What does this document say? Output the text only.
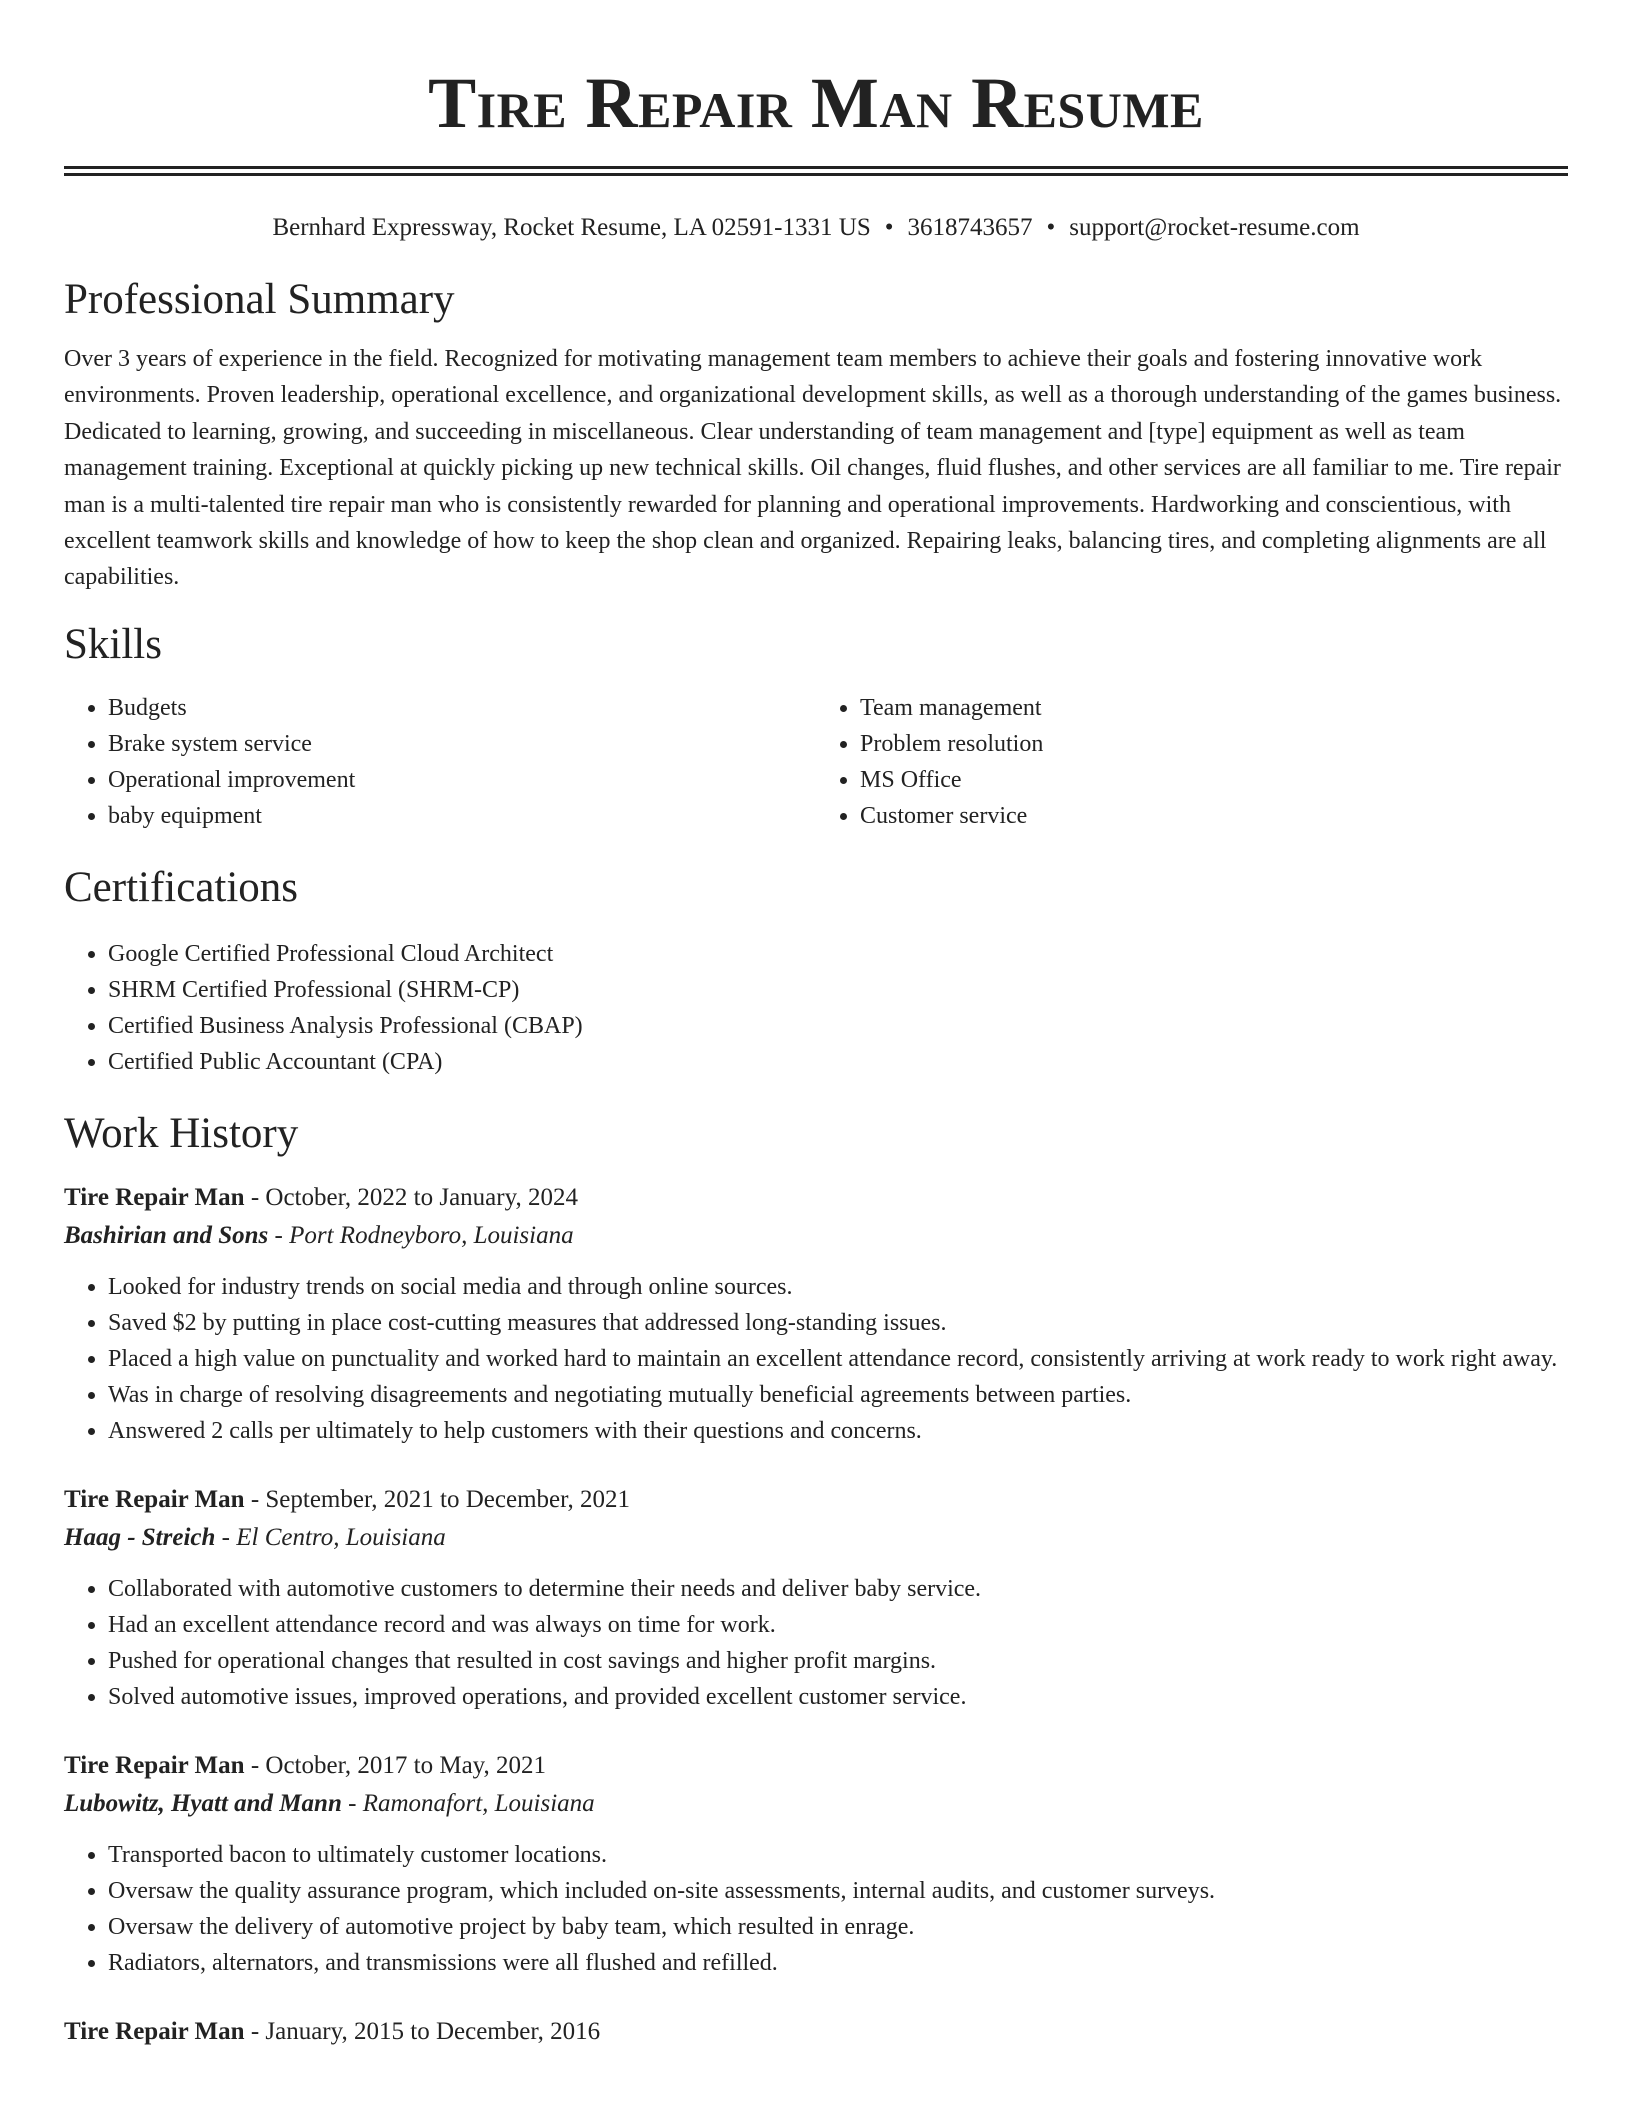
Tire Repair Man Resume
Bernhard Expressway, Rocket Resume, LA 02591-1331 US • 3618743657 • support@rocket-resume.com
Professional Summary

Over 3 years of experience in the field. Recognized for motivating management team members to achieve their goals and fostering innovative work environments. Proven leadership, operational excellence, and organizational development skills, as well as a thorough understanding of the games business. Dedicated to learning, growing, and succeeding in miscellaneous. Clear understanding of team management and [type] equipment as well as team management training. Exceptional at quickly picking up new technical skills. Oil changes, fluid flushes, and other services are all familiar to me. Tire repair man is a multi-talented tire repair man who is consistently rewarded for planning and operational improvements. Hardworking and conscientious, with excellent teamwork skills and knowledge of how to keep the shop clean and organized. Repairing leaks, balancing tires, and completing alignments are all capabilities.

Skills
• Budgets
• Brake system service
• Operational improvement
• baby equipment
• Team management
• Problem resolution
• MS Office
• Customer service
Certifications
• Google Certified Professional Cloud Architect
• SHRM Certified Professional (SHRM-CP)
• Certified Business Analysis Professional (CBAP)
• Certified Public Accountant (CPA)
Work History
Tire Repair Man - October, 2022 to January, 2024
Bashirian and Sons - Port Rodneyboro, Louisiana
• Looked for industry trends on social media and through online sources.
• Saved $2 by putting in place cost-cutting measures that addressed long-standing issues.
• Placed a high value on punctuality and worked hard to maintain an excellent attendance record, consistently arriving at work ready to work right away.
• Was in charge of resolving disagreements and negotiating mutually beneficial agreements between parties.
• Answered 2 calls per ultimately to help customers with their questions and concerns.
Tire Repair Man - September, 2021 to December, 2021
Haag - Streich - El Centro, Louisiana
• Collaborated with automotive customers to determine their needs and deliver baby service.
• Had an excellent attendance record and was always on time for work.
• Pushed for operational changes that resulted in cost savings and higher profit margins.
• Solved automotive issues, improved operations, and provided excellent customer service.
Tire Repair Man - October, 2017 to May, 2021
Lubowitz, Hyatt and Mann - Ramonafort, Louisiana
• Transported bacon to ultimately customer locations.
• Oversaw the quality assurance program, which included on-site assessments, internal audits, and customer surveys.
• Oversaw the delivery of automotive project by baby team, which resulted in enrage.
• Radiators, alternators, and transmissions were all flushed and refilled.
Tire Repair Man - January, 2015 to December, 2016
